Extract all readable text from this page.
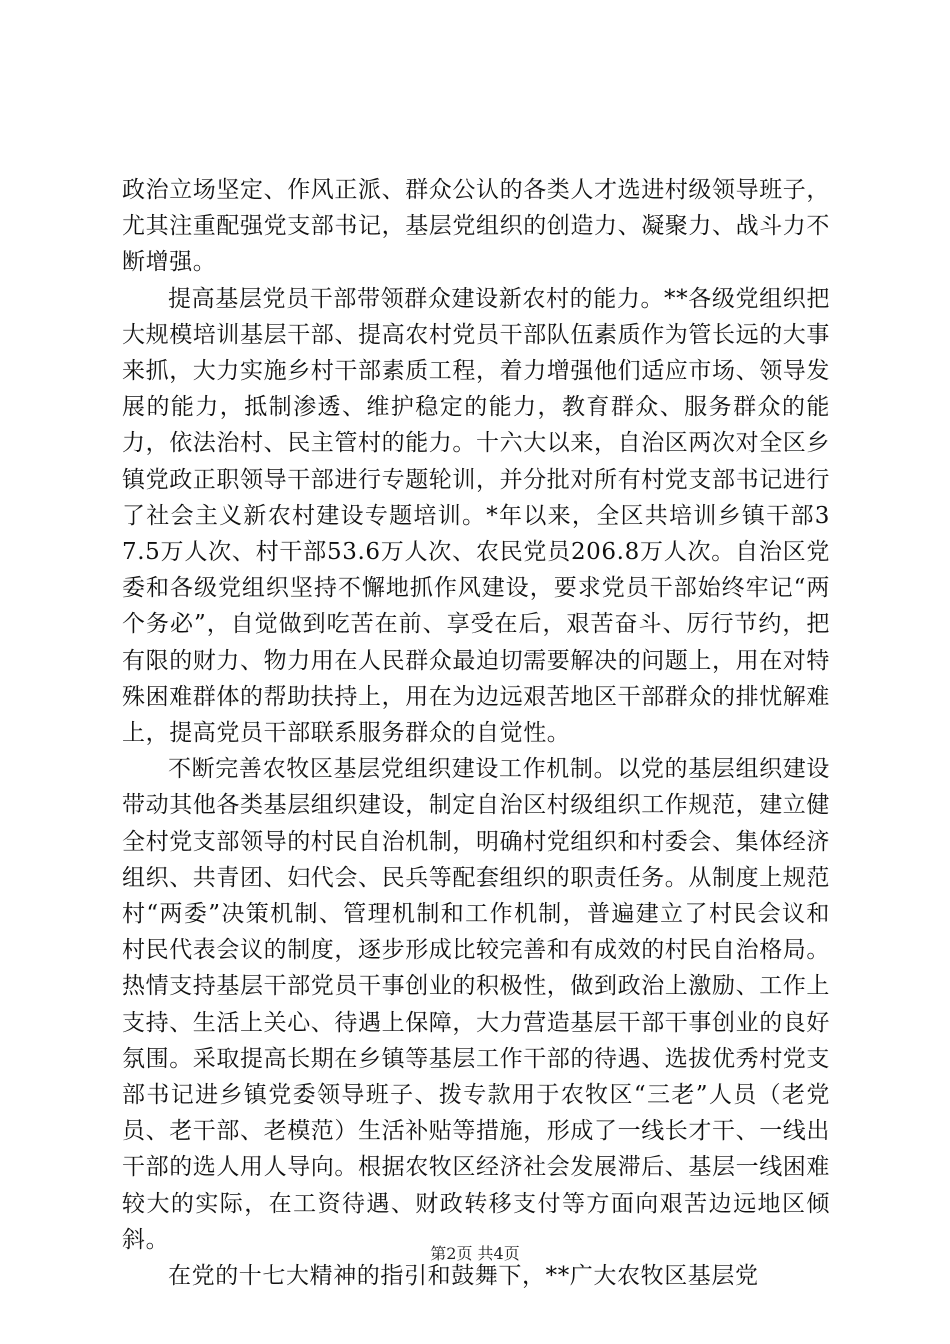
政治立场坚定、作风正派、群众公认的各类人才选进村级领导班子，尤其注重配强党支部书记，基层党组织的创造力、凝聚力、战斗力不断增强。

提高基层党员干部带领群众建设新农村的能力。**各级党组织把大规模培训基层干部、提高农村党员干部队伍素质作为管长远的大事来抓，大力实施乡村干部素质工程，着力增强他们适应市场、领导发展的能力，抵制渗透、维护稳定的能力，教育群众、服务群众的能力，依法治村、民主管村的能力。十六大以来，自治区两次对全区乡镇党政正职领导干部进行专题轮训，并分批对所有村党支部书记进行了社会主义新农村建设专题培训。*年以来，全区共培训乡镇干部37.5万人次、村干部53.6万人次、农民党员206.8万人次。自治区党委和各级党组织坚持不懈地抓作风建设，要求党员干部始终牢记“两个务必”，自觉做到吃苦在前、享受在后，艰苦奋斗、厉行节约，把有限的财力、物力用在人民群众最迫切需要解决的问题上，用在对特殊困难群体的帮助扶持上，用在为边远艰苦地区干部群众的排忧解难上，提高党员干部联系服务群众的自觉性。

不断完善农牧区基层党组织建设工作机制。以党的基层组织建设带动其他各类基层组织建设，制定自治区村级组织工作规范，建立健全村党支部领导的村民自治机制，明确村党组织和村委会、集体经济组织、共青团、妇代会、民兵等配套组织的职责任务。从制度上规范村“两委”决策机制、管理机制和工作机制，普遍建立了村民会议和村民代表会议的制度，逐步形成比较完善和有成效的村民自治格局。热情支持基层干部党员干事创业的积极性，做到政治上激励、工作上支持、生活上关心、待遇上保障，大力营造基层干部干事创业的良好氛围。采取提高长期在乡镇等基层工作干部的待遇、选拔优秀村党支部书记进乡镇党委领导班子、拨专款用于农牧区“三老”人员（老党员、老干部、老模范）生活补贴等措施，形成了一线长才干、一线出干部的选人用人导向。根据农牧区经济社会发展滞后、基层一线困难较大的实际，在工资待遇、财政转移支付等方面向艰苦边远地区倾斜。

在党的十七大精神的指引和鼓舞下，**广大农牧区基层党

第2页 共4页
